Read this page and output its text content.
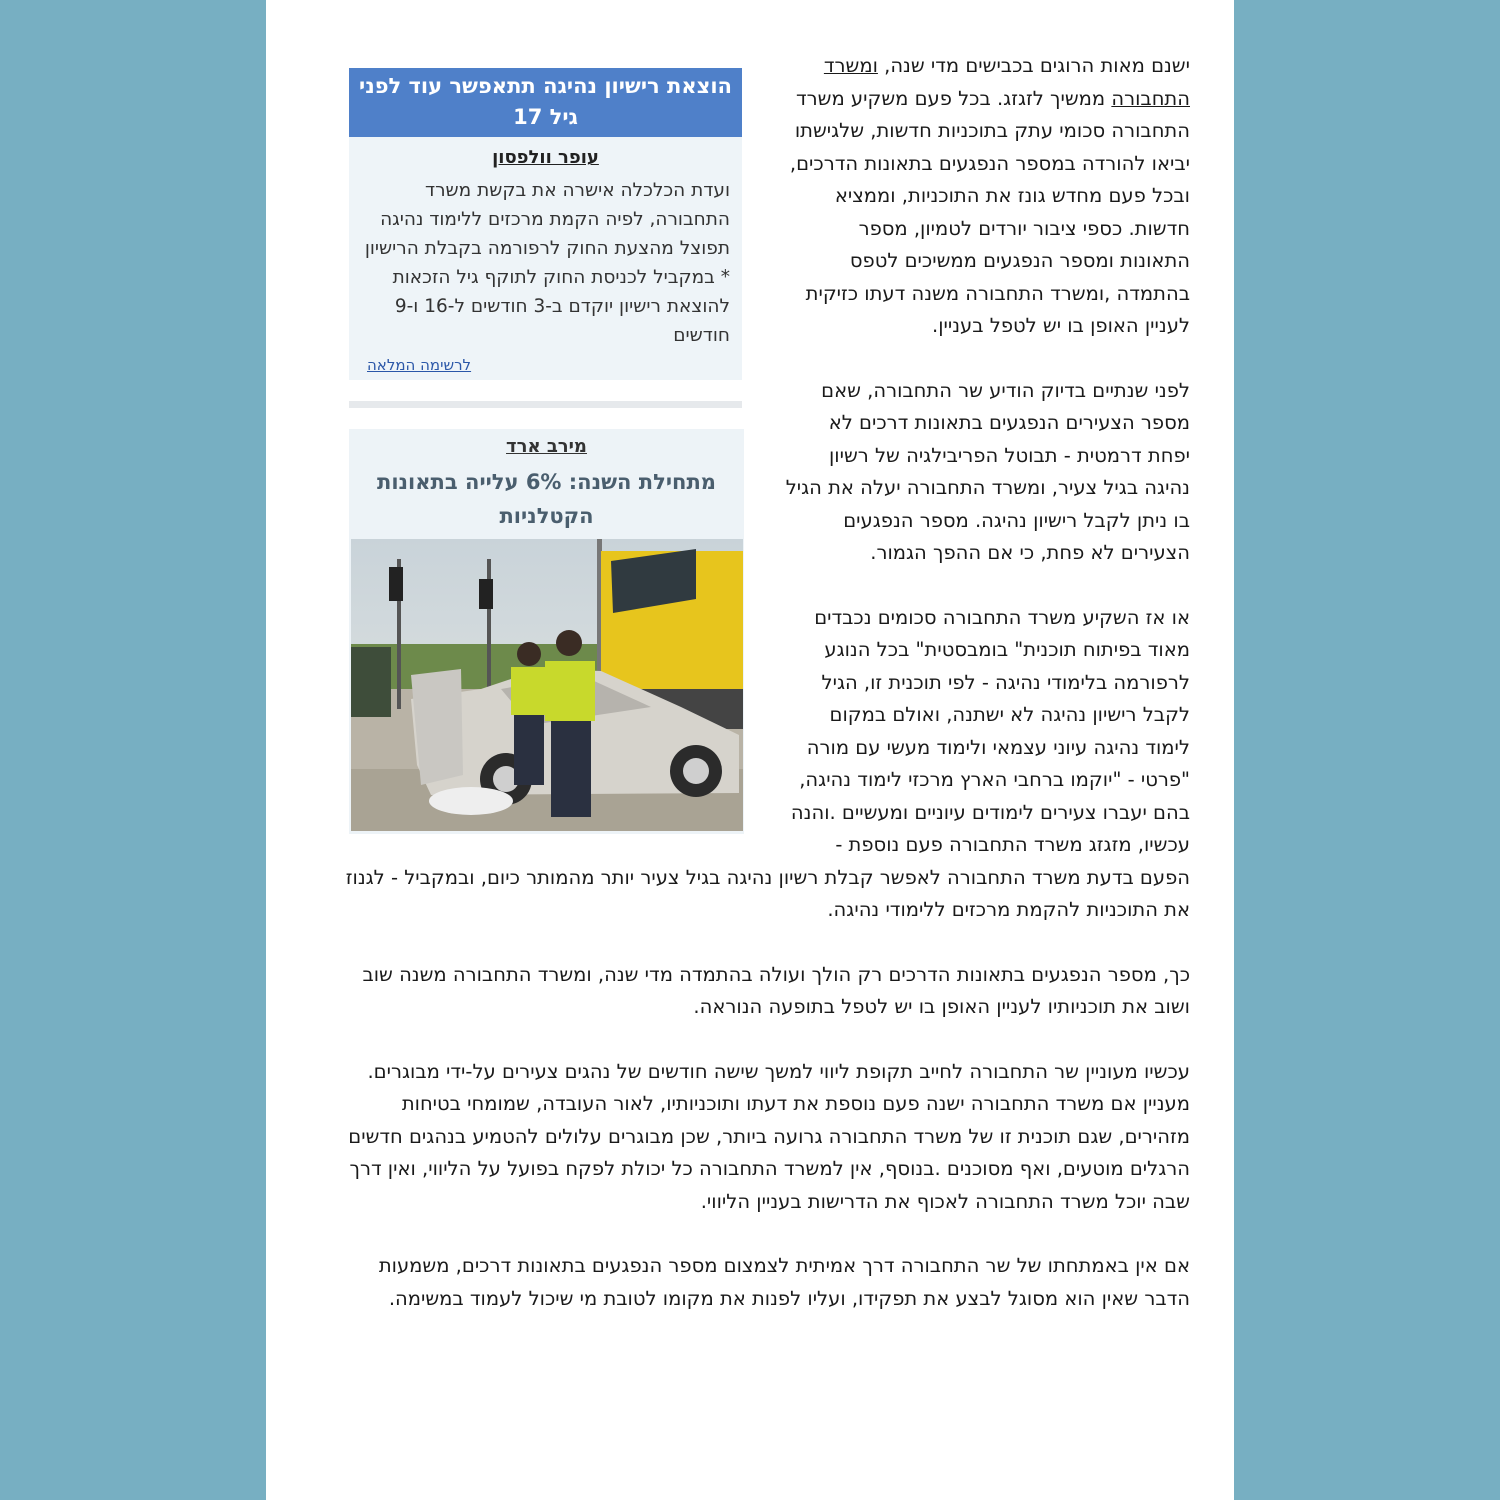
ישנם מאות הרוגים בכבישים מדי שנה, ומשרד התחבורה ממשיך לזגזג. בכל פעם משקיע משרד התחבורה סכומי עתק בתוכניות חדשות, שלגישתו יביאו להורדה במספר הנפגעים בתאונות הדרכים, ובכל פעם מחדש גונז את התוכניות, וממציא חדשות. כספי ציבור יורדים לטמיון, מספר התאונות ומספר הנפגעים ממשיכים לטפס בהתמדה ,ומשרד התחבורה משנה דעתו כזיקית לעניין האופן בו יש לטפל בעניין.

לפני שנתיים בדיוק הודיע שר התחבורה, שאם מספר הצעירים הנפגעים בתאונות דרכים לא יפחת דרמטית - תבוטל הפריבילגיה של רשיון נהיגה בגיל צעיר, ומשרד התחבורה יעלה את הגיל בו ניתן לקבל רישיון נהיגה. מספר הנפגעים הצעירים לא פחת, כי אם ההפך הגמור.

או אז השקיע משרד התחבורה סכומים נכבדים מאוד בפיתוח תוכנית" בומבסטית" בכל הנוגע לרפורמה בלימודי נהיגה - לפי תוכנית זו, הגיל לקבל רישיון נהיגה לא ישתנה, ואולם במקום לימוד נהיגה עיוני עצמאי ולימוד מעשי עם מורה "פרטי - "יוקמו ברחבי הארץ מרכזי לימוד נהיגה, בהם יעברו צעירים לימודים עיוניים ומעשיים .והנה עכשיו, מזגזג משרד התחבורה פעם נוספת - הפעם בדעת משרד התחבורה לאפשר קבלת רשיון נהיגה בגיל צעיר יותר מהמותר כיום, ובמקביל - לגנוז את התוכניות להקמת מרכזים ללימודי נהיגה.

כך, מספר הנפגעים בתאונות הדרכים רק הולך ועולה בהתמדה מדי שנה, ומשרד התחבורה משנה שוב ושוב את תוכניותיו לעניין האופן בו יש לטפל בתופעה הנוראה.

עכשיו מעוניין שר התחבורה לחייב תקופת ליווי למשך שישה חודשים של נהגים צעירים על-ידי מבוגרים. מעניין אם משרד התחבורה ישנה פעם נוספת את דעתו ותוכניותיו, לאור העובדה, שמומחי בטיחות מזהירים, שגם תוכנית זו של משרד התחבורה גרועה ביותר, שכן מבוגרים עלולים להטמיע בנהגים חדשים הרגלים מוטעים, ואף מסוכנים .בנוסף, אין למשרד התחבורה כל יכולת לפקח בפועל על הליווי, ואין דרך שבה יוכל משרד התחבורה לאכוף את הדרישות בעניין הליווי.

אם אין באמתחתו של שר התחבורה דרך אמיתית לצמצום מספר הנפגעים בתאונות דרכים, משמעות הדבר שאין הוא מסוגל לבצע את תפקידו, ועליו לפנות את מקומו לטובת מי שיכול לעמוד במשימה.

הוצאת רישיון נהיגה תתאפשר עוד לפני גיל 17
עופר וולפסון
ועדת הכלכלה אישרה את בקשת משרד התחבורה, לפיה הקמת מרכזים ללימוד נהיגה תפוצל מהצעת החוק לרפורמה בקבלת הרישיון * במקביל לכניסת החוק לתוקף גיל הזכאות להוצאת רישיון יוקדם ב-3 חודשים ל-16 ו-9 חודשים
לרשימה המלאה
מירב ארד
מתחילת השנה: 6% עלייה בתאונות הקטלניות
